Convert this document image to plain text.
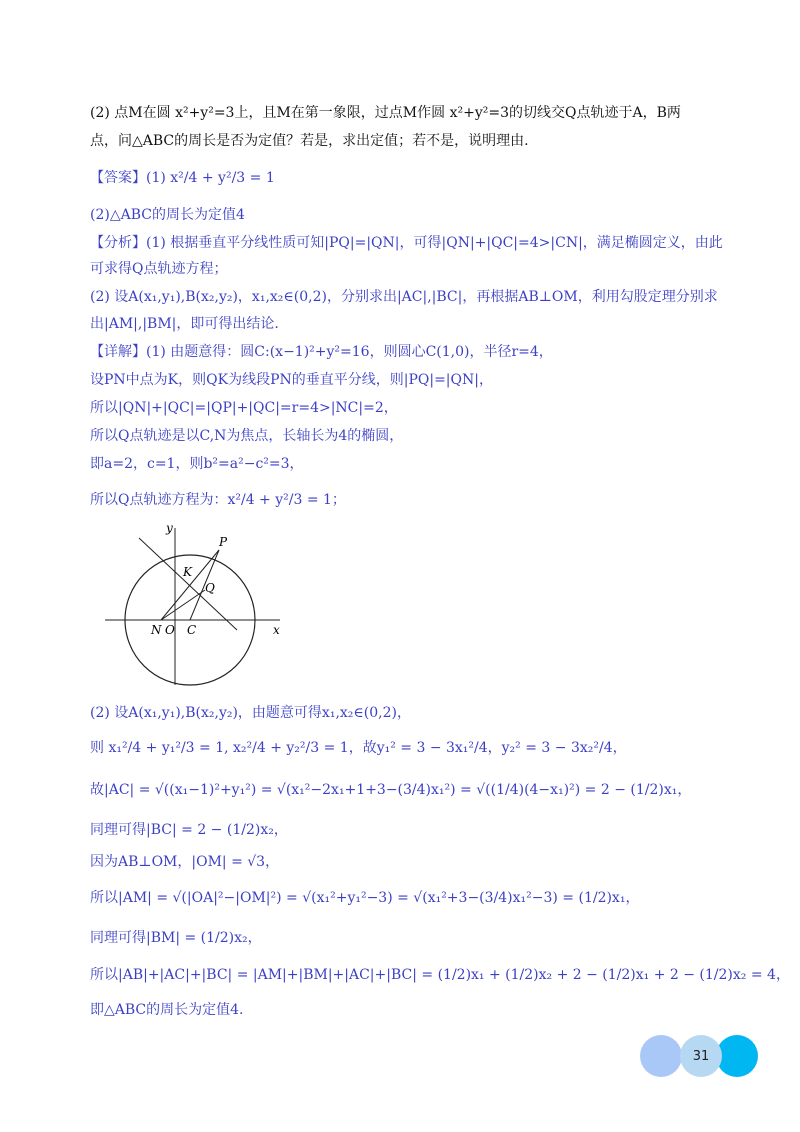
(2) 点M在圆 x²+y²=3上，且M在第一象限，过点M作圆 x²+y²=3的切线交Q点轨迹于A，B两
点，问△ABC的周长是否为定值？若是，求出定值；若不是，说明理由.
【答案】(1) x²/4 + y²/3 = 1
(2)△ABC的周长为定值4
【分析】(1) 根据垂直平分线性质可知|PQ|=|QN|，可得|QN|+|QC|=4>|CN|，满足椭圆定义，由此
可求得Q点轨迹方程；
(2) 设A(x₁,y₁),B(x₂,y₂)，x₁,x₂∈(0,2)，分别求出|AC|,|BC|，再根据AB⊥OM，利用勾股定理分别求
出|AM|,|BM|，即可得出结论.
【详解】(1) 由题意得：圆C:(x−1)²+y²=16，则圆心C(1,0)，半径r=4，
设PN中点为K，则QK为线段PN的垂直平分线，则|PQ|=|QN|，
所以|QN|+|QC|=|QP|+|QC|=r=4>|NC|=2，
所以Q点轨迹是以C,N为焦点，长轴长为4的椭圆，
即a=2，c=1，则b²=a²−c²=3，
所以Q点轨迹方程为：x²/4 + y²/3 = 1；
y
x
P
K
Q
N O C
(2) 设A(x₁,y₁),B(x₂,y₂)，由题意可得x₁,x₂∈(0,2)，
则 x₁²/4 + y₁²/3 = 1, x₂²/4 + y₂²/3 = 1，故y₁² = 3 − 3x₁²/4，y₂² = 3 − 3x₂²/4，
故|AC| = √((x₁−1)²+y₁²) = √(x₁²−2x₁+1+3−(3/4)x₁²) = √((1/4)(4−x₁)²) = 2 − (1/2)x₁，
同理可得|BC| = 2 − (1/2)x₂，
因为AB⊥OM，|OM| = √3，
所以|AM| = √(|OA|²−|OM|²) = √(x₁²+y₁²−3) = √(x₁²+3−(3/4)x₁²−3) = (1/2)x₁，
同理可得|BM| = (1/2)x₂，
所以|AB|+|AC|+|BC| = |AM|+|BM|+|AC|+|BC| = (1/2)x₁ + (1/2)x₂ + 2 − (1/2)x₁ + 2 − (1/2)x₂ = 4，
即△ABC的周长为定值4.
31
